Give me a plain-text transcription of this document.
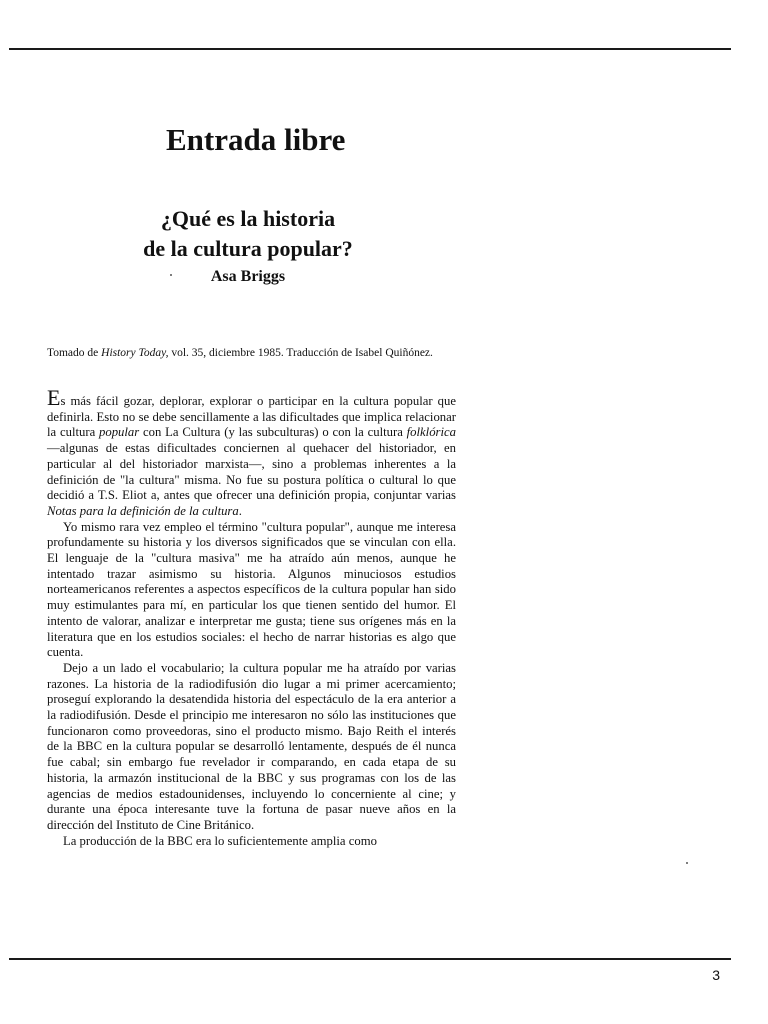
Entrada libre
¿Qué es la historia
de la cultura popular?
Asa Briggs

Tomado de History Today, vol. 35, diciembre 1985. Traducción de Isabel Quiñónez.

Es más fácil gozar, deplorar, explorar o participar en la cultura popular que definirla. Esto no se debe sencillamente a las dificultades que implica relacionar la cultura popular con La Cultura (y las subculturas) o con la cultura folklórica —algunas de estas dificultades conciernen al quehacer del historiador, en particular al del historiador marxista—, sino a problemas inherentes a la definición de "la cultura" misma. No fue su postura política o cultural lo que decidió a T.S. Eliot a, antes que ofrecer una definición propia, conjuntar varias Notas para la definición de la cultura.

Yo mismo rara vez empleo el término "cultura popular", aunque me interesa profundamente su historia y los diversos significados que se vinculan con ella. El lenguaje de la "cultura masiva" me ha atraído aún menos, aunque he intentado trazar asimismo su historia. Algunos minuciosos estudios norteamericanos referentes a aspectos específicos de la cultura popular han sido muy estimulantes para mí, en particular los que tienen sentido del humor. El intento de valorar, analizar e interpretar me gusta; tiene sus orígenes más en la literatura que en los estudios sociales: el hecho de narrar historias es algo que cuenta.

Dejo a un lado el vocabulario; la cultura popular me ha atraído por varias razones. La historia de la radiodifusión dio lugar a mi primer acercamiento; proseguí explorando la desatendida historia del espectáculo de la era anterior a la radiodifusión. Desde el principio me interesaron no sólo las instituciones que funcionaron como proveedoras, sino el producto mismo. Bajo Reith el interés de la BBC en la cultura popular se desarrolló lentamente, después de él nunca fue cabal; sin embargo fue revelador ir comparando, en cada etapa de su historia, la armazón institucional de la BBC y sus programas con los de las agencias de medios estadounidenses, incluyendo lo concerniente al cine; y durante una época interesante tuve la fortuna de pasar nueve años en la dirección del Instituto de Cine Británico.

La producción de la BBC era lo suficientemente amplia como

3
